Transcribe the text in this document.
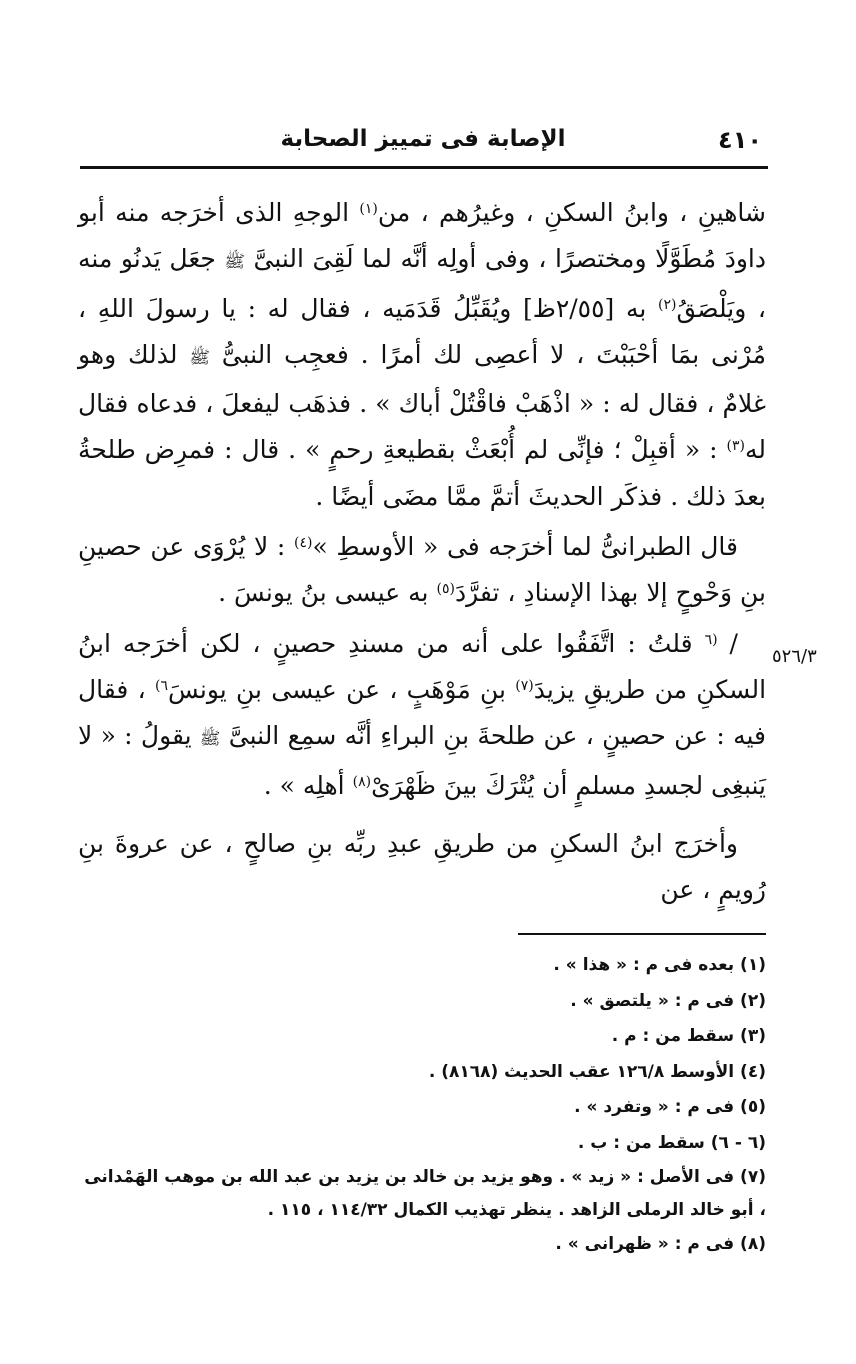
٤١٠
الإصابة فى تمييز الصحابة
٥٢٦/٣

شاهينِ ، وابنُ السكنِ ، وغيرُهم ، من$^{(١)}$ الوجهِ الذى أخرَجه منه أبو داودَ مُطَوَّلًا ومختصرًا ، وفى أولِه أنَّه لما لَقِىَ النبىَّ ﷺ جعَل يَدنُو منه ، ويَلْصَقُ$^{(٢)}$ به [٢/٥٥ظ] ويُقَبِّلُ قَدَمَيه ، فقال له : يا رسولَ اللهِ ، مُرْنى بمَا أحْبَبْتَ ، لا أعصِى لك أمرًا . فعجِب النبىُّ ﷺ لذلك وهو غلامٌ ، فقال له : « اذْهَبْ فاقْتُلْ أباك » . فذهَب ليفعلَ ، فدعاه فقال له$^{(٣)}$ : « أقبِلْ ؛ فإنِّى لم أُبْعَثْ بقطيعةِ رحمٍ » . قال : فمرِض طلحةُ بعدَ ذلك . فذكَر الحديثَ أتمَّ ممَّا مضَى أيضًا .

قال الطبرانىُّ لما أخرَجه فى « الأوسطِ »$^{(٤)}$ : لا يُرْوَى عن حصينِ بنِ وَحْوحٍ إلا بهذا الإسنادِ ، تفرَّدَ$^{(٥)}$ به عيسى بنُ يونسَ .

/ $^{(٦}$ قلتُ : اتَّفَقُوا على أنه من مسندِ حصينٍ ، لكن أخرَجه ابنُ السكنِ من طريقِ يزيدَ$^{(٧)}$ بنِ مَوْهَبٍ ، عن عيسى بنِ يونسَ$^{٦)}$ ، فقال فيه : عن حصينٍ ، عن طلحةَ بنِ البراءِ أنَّه سمِع النبىَّ ﷺ يقولُ : « لا يَنبغِى لجسدِ مسلمٍ أن يُتْرَكَ بينَ ظَهْرَىْ$^{(٨)}$ أهلِه » .

وأخرَج ابنُ السكنِ من طريقِ عبدِ ربِّه بنِ صالحٍ ، عن عروةَ بنِ رُويمٍ ، عن

(١) بعده فى م : « هذا » .

(٢) فى م : « يلتصق » .

(٣) سقط من : م .

(٤) الأوسط ١٢٦/٨ عقب الحديث (٨١٦٨) .

(٥) فى م : « وتفرد » .

(٦ - ٦) سقط من : ب .

(٧) فى الأصل : « زيد » . وهو يزيد بن خالد بن يزيد بن عبد الله بن موهب الهَمْدانى ، أبو خالد الرملى الزاهد . ينظر تهذيب الكمال ١١٤/٣٢ ، ١١٥ .

(٨) فى م : « ظهرانى » .
